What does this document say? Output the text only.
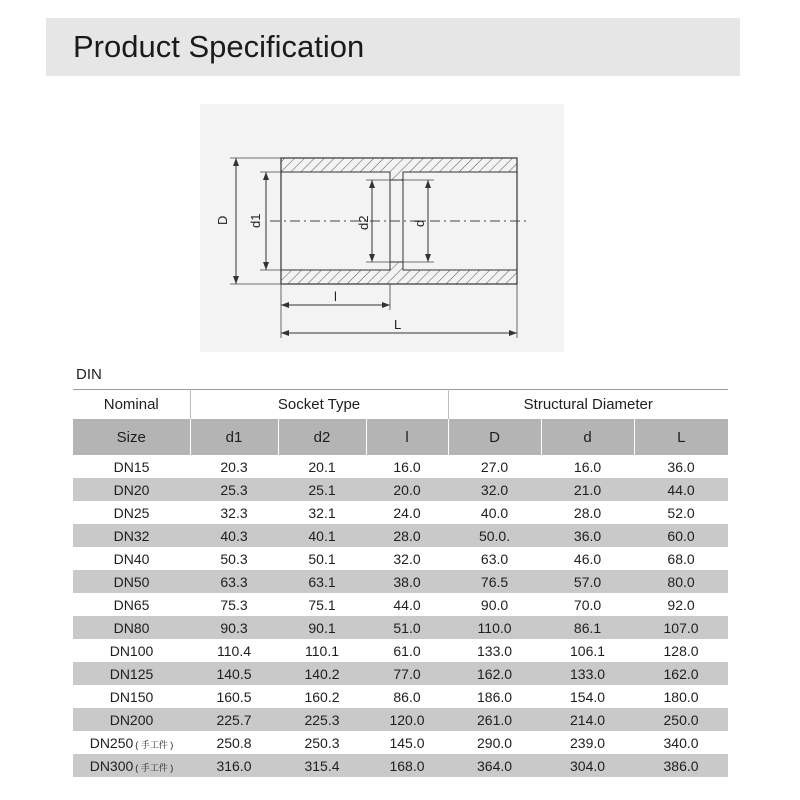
Product Specification
D d1	d2	d
l
L
DIN
Nominal	Socket Type			Structural Diameter		
Size	d1	d2	l	D	d	L
DN15	20.3	20.1	16.0	27.0	16.0	36.0
DN20	25.3	25.1	20.0	32.0	21.0	44.0
DN25	32.3	32.1	24.0	40.0	28.0	52.0
DN32	40.3	40.1	28.0	50.0.	36.0	60.0
DN40	50.3	50.1	32.0	63.0	46.0	68.0
DN50	63.3	63.1	38.0	76.5	57.0	80.0
DN65	75.3	75.1	44.0	90.0	70.0	92.0
DN80	90.3	90.1	51.0	110.0	86.1	107.0
DN100	110.4	110.1	61.0	133.0	106.1	128.0
DN125	140.5	140.2	77.0	162.0	133.0	162.0
DN150	160.5	160.2	86.0	186.0	154.0	180.0
DN200	225.7	225.3	120.0	261.0	214.0	250.0
DN250 ( 手工件 )	250.8	250.3	145.0	290.0	239.0	340.0
DN300 ( 手工件 )	316.0	315.4	168.0	364.0	304.0	386.0
